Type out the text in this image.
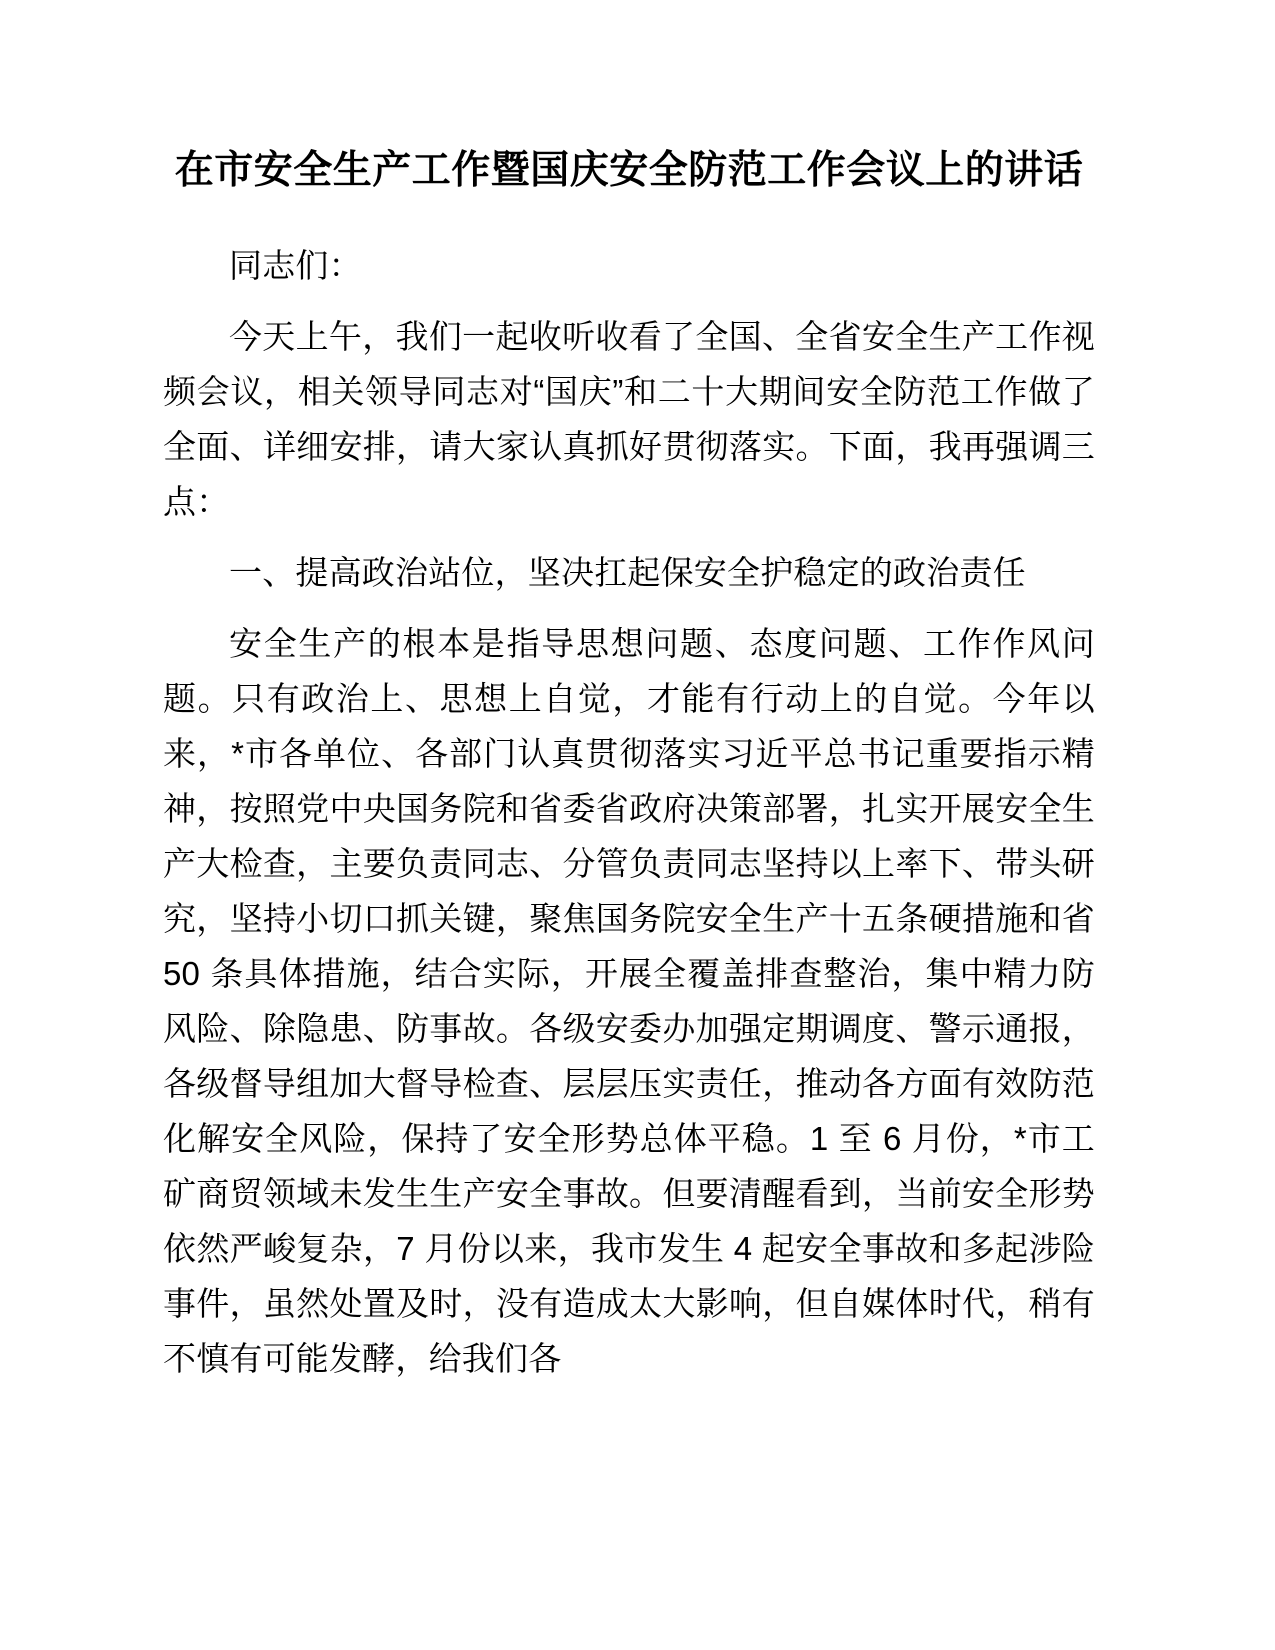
在市安全生产工作暨国庆安全防范工作会议上的讲话

同志们：

今天上午，我们一起收听收看了全国、全省安全生产工作视频会议，相关领导同志对“国庆”和二十大期间安全防范工作做了全面、详细安排，请大家认真抓好贯彻落实。下面，我再强调三点：

一、提高政治站位，坚决扛起保安全护稳定的政治责任

安全生产的根本是指导思想问题、态度问题、工作作风问题。只有政治上、思想上自觉，才能有行动上的自觉。今年以来，*市各单位、各部门认真贯彻落实习近平总书记重要指示精神，按照党中央国务院和省委省政府决策部署，扎实开展安全生产大检查，主要负责同志、分管负责同志坚持以上率下、带头研究，坚持小切口抓关键，聚焦国务院安全生产十五条硬措施和省 50 条具体措施，结合实际，开展全覆盖排查整治，集中精力防风险、除隐患、防事故。各级安委办加强定期调度、警示通报，各级督导组加大督导检查、层层压实责任，推动各方面有效防范化解安全风险，保持了安全形势总体平稳。1 至 6 月份，*市工矿商贸领域未发生生产安全事故。但要清醒看到，当前安全形势依然严峻复杂，7 月份以来，我市发生 4 起安全事故和多起涉险事件，虽然处置及时，没有造成太大影响，但自媒体时代，稍有不慎有可能发酵，给我们各
